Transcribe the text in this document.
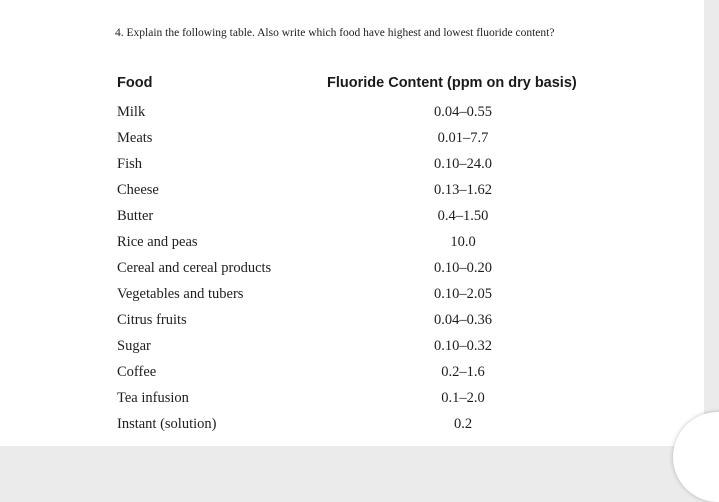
4. Explain the following table. Also write which food have highest and lowest fluoride content?
Food	Fluoride Content (ppm on dry basis)
Milk	0.04–0.55
Meats	0.01–7.7
Fish	0.10–24.0
Cheese	0.13–1.62
Butter	0.4–1.50
Rice and peas	10.0
Cereal and cereal products	0.10–0.20
Vegetables and tubers	0.10–2.05
Citrus fruits	0.04–0.36
Sugar	0.10–0.32
Coffee	0.2–1.6
Tea infusion	0.1–2.0
Instant (solution)	0.2
